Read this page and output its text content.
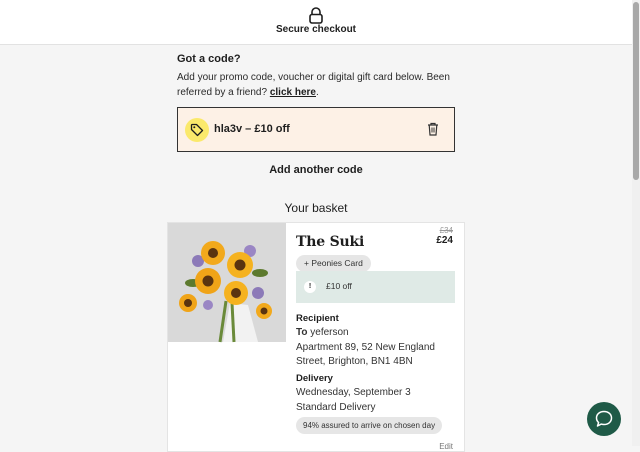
Secure checkout
Got a code?
Add your promo code, voucher or digital gift card below. Been referred by a friend? click here.
hla3v – £10 off
Add another code
Your basket
£34
£24
The Suki
+ Peonies Card
!	£10 off
Recipient
To yeferson
Apartment 89, 52 New England
Street, Brighton, BN1 4BN
Delivery
Wednesday, September 3
Standard Delivery
94% assured to arrive on chosen day
Edit
